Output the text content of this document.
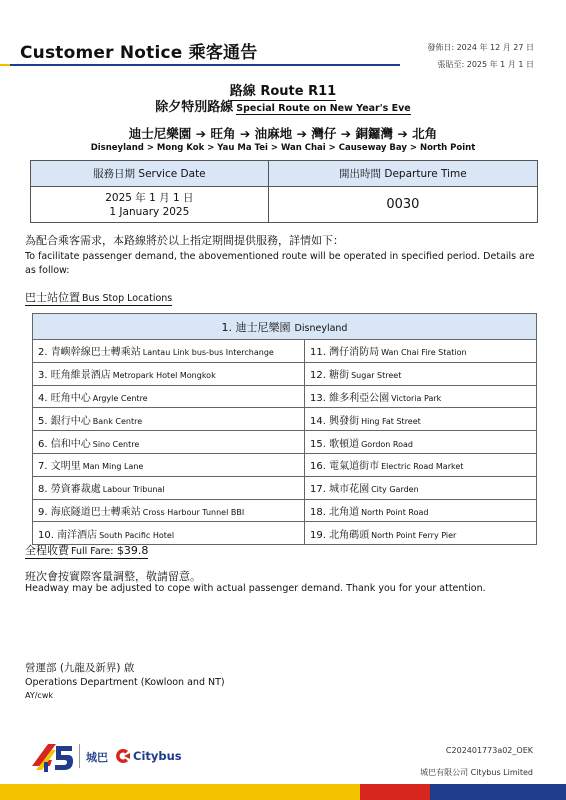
Customer Notice 乘客通告	發佈日: 2024 年 12 月 27 日
張貼至: 2025 年 1 月 1 日
路線 Route R11
除夕特別路線 Special Route on New Year's Eve
迪士尼樂園 ➔ 旺角 ➔ 油麻地 ➔ 灣仔 ➔ 銅鑼灣 ➔ 北角
Disneyland > Mong Kok > Yau Ma Tei > Wan Chai > Causeway Bay > North Point
服務日期 Service Date	開出時間 Departure Time

2025 年 1 月 1 日
1 January 2025	0030
為配合乘客需求，本路線將於以上指定期間提供服務，詳情如下：
To facilitate passenger demand, the abovementioned route will be operated in specified period. Details are as follow:
巴士站位置 Bus Stop Locations
1. 迪士尼樂園 Disneyland	
2. 青嶼幹線巴士轉乘站 Lantau Link bus-bus Interchange	11. 灣仔消防局 Wan Chai Fire Station
3. 旺角維景酒店 Metropark Hotel Mongkok	12. 糖街 Sugar Street
4. 旺角中心 Argyle Centre	13. 維多利亞公園 Victoria Park
5. 銀行中心 Bank Centre	14. 興發街 Hing Fat Street
6. 信和中心 Sino Centre	15. 歌頓道 Gordon Road
7. 文明里 Man Ming Lane	16. 電氣道街市 Electric Road Market
8. 勞資審裁處 Labour Tribunal	17. 城市花園 City Garden
9. 海底隧道巴士轉乘站 Cross Harbour Tunnel BBI	18. 北角道 North Point Road
10. 南洋酒店 South Pacific Hotel	19. 北角碼頭 North Point Ferry Pier
全程收費 Full Fare: $39.8
班次會按實際客量調整，敬請留意。
Headway may be adjusted to cope with actual passenger demand. Thank you for your attention.
營運部 (九龍及新界) 啟
Operations Department (Kowloon and NT)
AY/cwk
城巴 Citybus	C202401773a02_OEK
城巴有限公司 Citybus Limited
